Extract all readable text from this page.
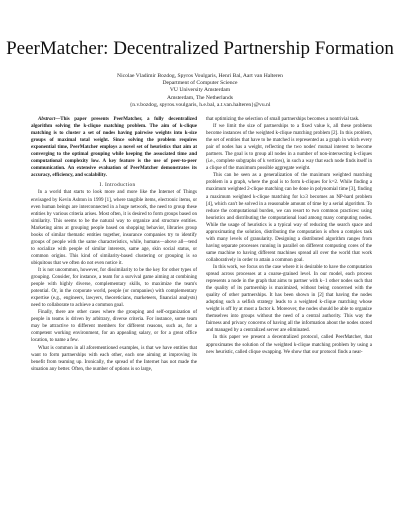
PeerMatcher: Decentralized Partnership Formation
Nicolae Vladimir Bozdog, Spyros Voulgaris, Henri Bal, Aart van Halteren
Department of Computer Science
VU University Amsterdam
Amsterdam, The Netherlands
{n.v.bozdog, spyros.voulgaris, h.e.bal, a.t.van.halteren}@vu.nl

Abstract—This paper presents PeerMatcher, a fully decentralized algorithm solving the k-clique matching problem. The aim of k-clique matching is to cluster a set of nodes having pairwise weights into k-size groups of maximal total weight. Since solving the problem requires exponential time, PeerMatcher employs a novel set of heuristics that aim at converging to the optimal grouping while keeping the associated time and computational complexity low. A key feature is the use of peer-to-peer communication. An extensive evaluation of PeerMatcher demonstrates its accuracy, efficiency, and scalability.

I. Introduction

In a world that starts to look more and more like the Internet of Things envisaged by Kevin Ashton in 1999 [1], where tangible items, electronic items, or even human beings are interconnected in a huge network, the need to group these entities by various criteria arises. Most often, it is desired to form groups based on similarity. This seems to be the natural way to organize and structure entities. Marketing aims at grouping people based on shopping behavior, libraries group books of similar thematic entities together, insurance companies try to identify groups of people with the same characteristics, while, humans—above all—tend to socialize with people of similar interests, same age, skin social status, or common origins. This kind of similarity-based clustering or grouping is so ubiquitous that we often do not even notice it.

It is not uncommon, however, for dissimilarity to be the key for other types of grouping. Consider, for instance, a team for a survival game aiming at combining people with highly diverse, complementary skills, to maximize the team's potential. Or, in the corporate world, people (or companies) with complementary expertise (e.g., engineers, lawyers, theoreticians, marketeers, financial analysts) need to collaborate to achieve a common goal.

Finally, there are other cases where the grouping and self-organization of people in teams is driven by arbitrary, diverse criteria. For instance, some team may be attractive to different members for different reasons, such as, for a competent working environment, for an appealing salary, or for a great office location, to name a few.

What is common in all aforementioned examples, is that we have entities that want to form partnerships with each other, each one aiming at improving its benefit from teaming up. Ironically, the spread of the Internet has not made the situation any better. Often, the number of options is so large,

that optimizing the selection of small partnerships becomes a nontrivial task.

If we limit the size of partnerships to a fixed value k, all these problems become instances of the weighted k-clique matching problem [2]. In this problem, the set of entities that have to be matched is represented as a graph in which every pair of nodes has a weight, reflecting the two nodes' mutual interest to become partners. The goal is to group all nodes in a number of non-intersecting k-cliques (i.e., complete subgraphs of k vertices), in such a way that each node finds itself in a clique of the maximum possible aggregate weight.

This can be seen as a generalization of the maximum weighted matching problem in a graph, where the goal is to form k-cliques for k=2. While finding a maximum weighted 2-clique matching can be done in polynomial time [3], finding a maximum weighted k-clique matching for k≥3 becomes an NP-hard problem [4], which can't be solved in a reasonable amount of time by a serial algorithm. To reduce the computational burden, we can resort to two common practices: using heuristics and distributing the computational load among many computing nodes. While the usage of heuristics is a typical way of reducing the search space and approximating the solution, distributing the computation is often a complex task with many levels of granularity. Designing a distributed algorithm ranges from having separate processes running in parallel on different computing cores of the same machine to having different machines spread all over the world that work collaboratively in order to attain a common goal.

In this work, we focus on the case where it is desirable to have the computation spread across processes at a coarse-grained level. In our model, each process represents a node in the graph that aims to partner with k−1 other nodes such that the quality of its partnership is maximized, without being concerned with the quality of other partnerships. It has been shown in [2] that having the nodes adopting such a selfish strategy leads to a weighted k-clique matching whose weight is off by at most a factor k. Moreover, the nodes should be able to organize themselves into groups without the need of a central authority. This way the fairness and privacy concerns of having all the information about the nodes stored and managed by a centralized server are eliminated.

In this paper we present a decentralized protocol, called PeerMatcher, that approximates the solution of the weighted k-clique matching problem by using a new heuristic, called clique swapping. We show that our protocol finds a near-
